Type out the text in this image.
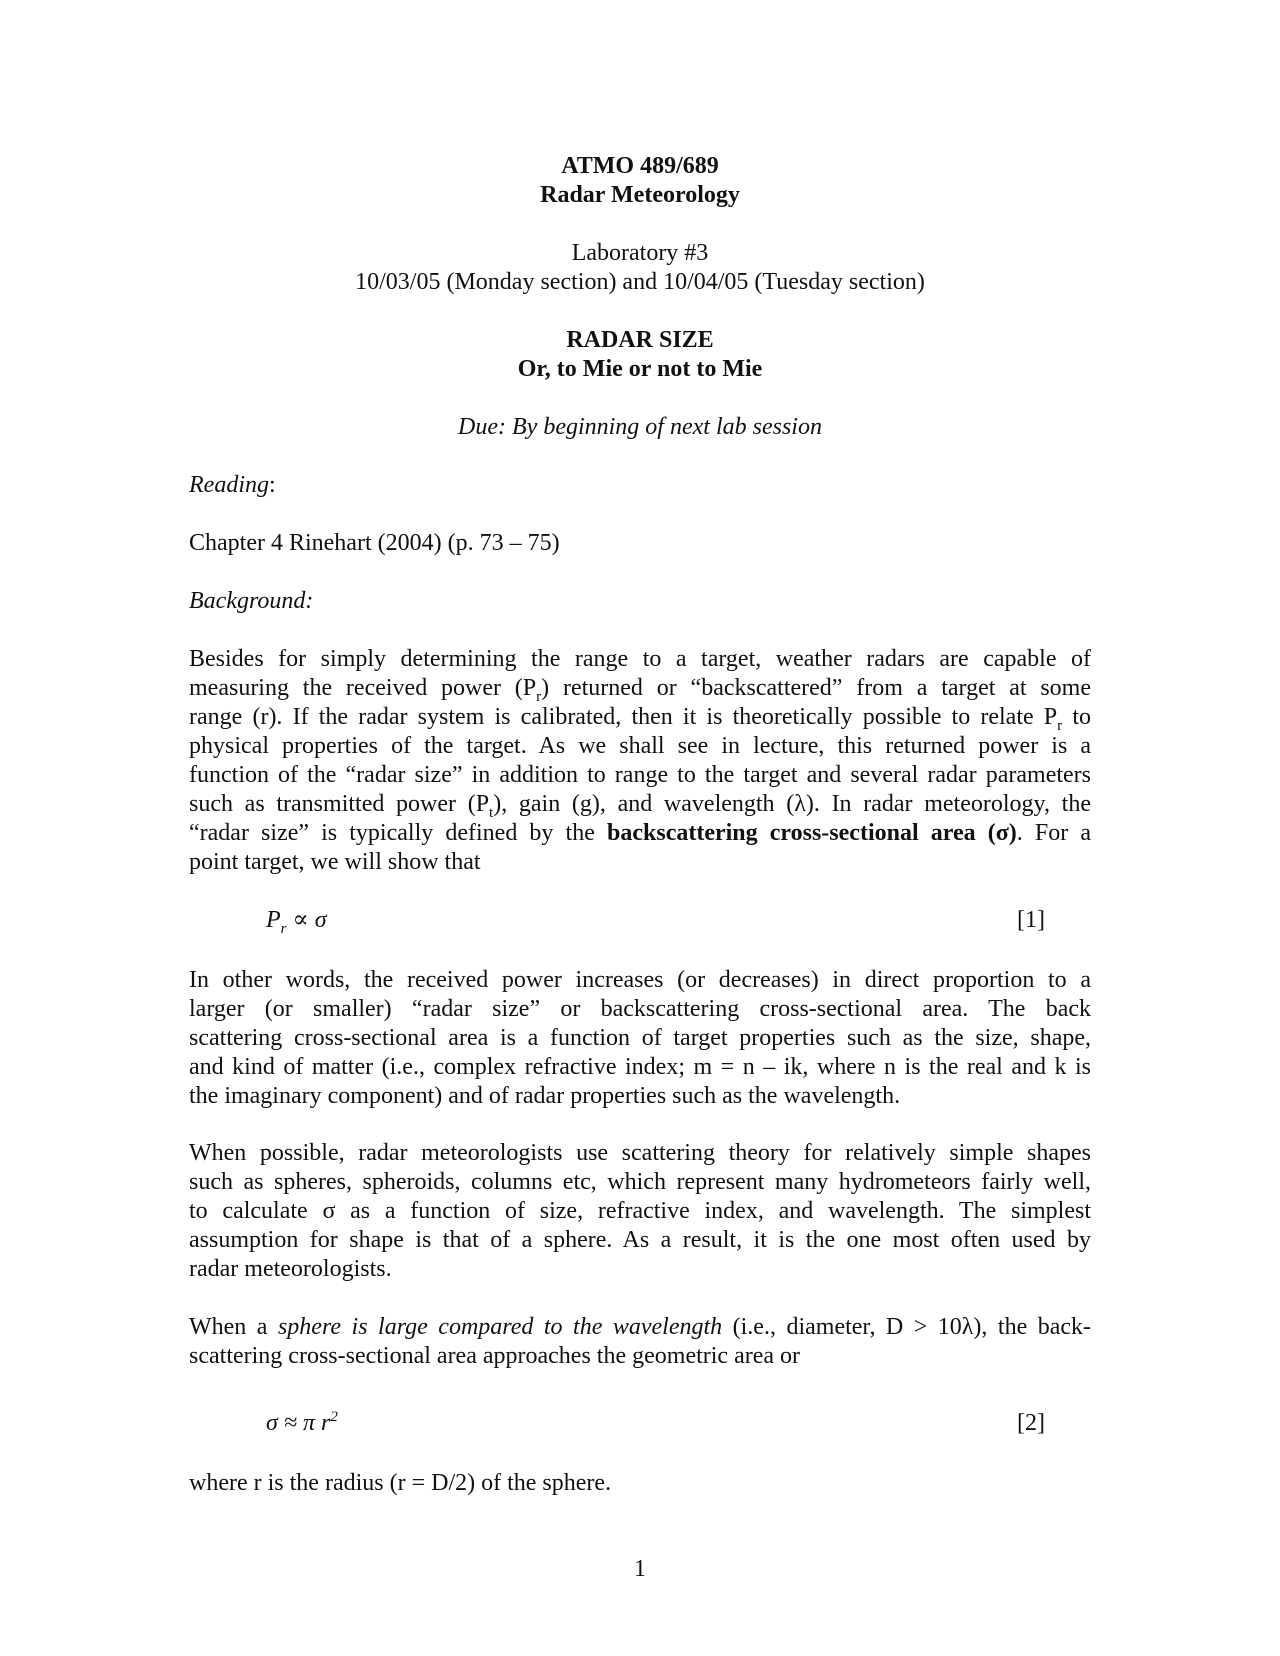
ATMO 489/689
Radar Meteorology
Laboratory #3
10/03/05 (Monday section) and 10/04/05 (Tuesday section)
RADAR SIZE
Or, to Mie or not to Mie
Due: By beginning of next lab session
Reading:
Chapter 4 Rinehart (2004) (p. 73 – 75)
Background:
Besides for simply determining the range to a target, weather radars are capable of
measuring the received power $(P_r)$ returned or “backscattered” from a target at some
range (r). If the radar system is calibrated, then it is theoretically possible to relate $P_r$ to
physical properties of the target. As we shall see in lecture, this returned power is a
function of the “radar size” in addition to range to the target and several radar parameters
such as transmitted power $(P_t)$, gain (g), and wavelength (λ). In radar meteorology, the
“radar size” is typically defined by the backscattering cross-sectional area (σ). For a
point target, we will show that
$P_r \propto \sigma$	[1]
In other words, the received power increases (or decreases) in direct proportion to a
larger (or smaller) “radar size” or backscattering cross-sectional area. The back
scattering cross-sectional area is a function of target properties such as the size, shape,
and kind of matter (i.e., complex refractive index; m = n – ik, where n is the real and k is
the imaginary component) and of radar properties such as the wavelength.
When possible, radar meteorologists use scattering theory for relatively simple shapes
such as spheres, spheroids, columns etc, which represent many hydrometeors fairly well,
to calculate σ as a function of size, refractive index, and wavelength. The simplest
assumption for shape is that of a sphere. As a result, it is the one most often used by
radar meteorologists.
When a sphere is large compared to the wavelength (i.e., diameter, D > 10λ), the back-
scattering cross-sectional area approaches the geometric area or
σ ≈ π $r^2$	[2]
where r is the radius (r = D/2) of the sphere.
1
